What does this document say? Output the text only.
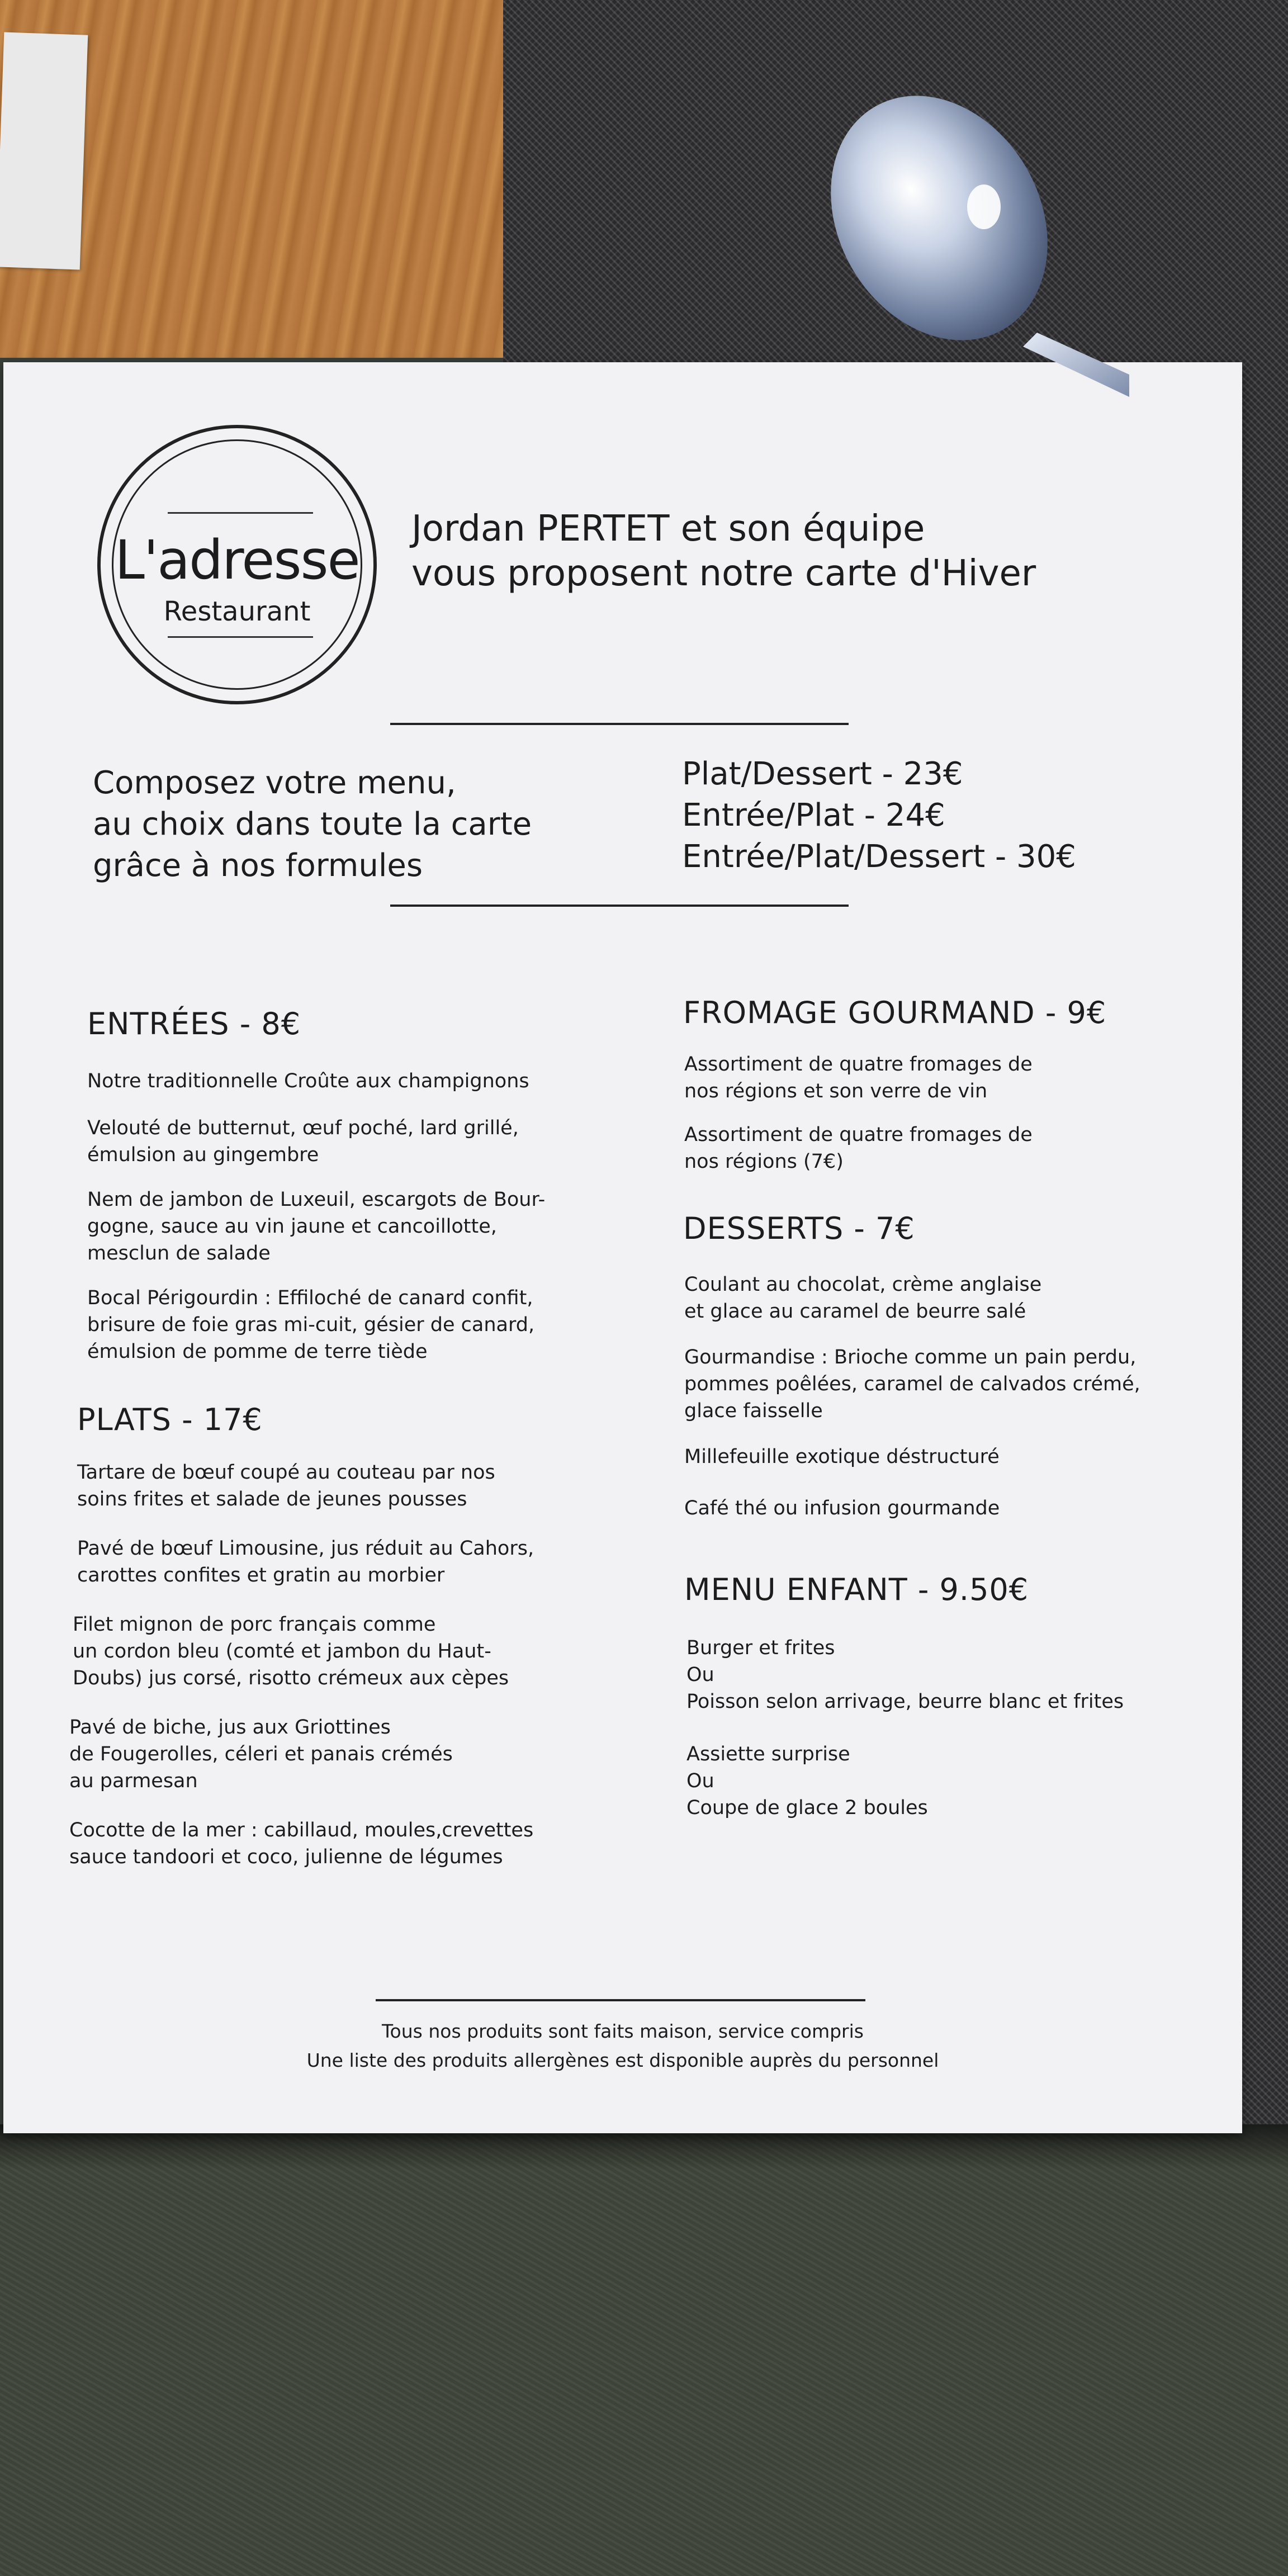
L'adresse
Restaurant
Jordan PERTET et son équipe
vous proposent notre carte d'Hiver
Composez votre menu,
au choix dans toute la carte
grâce à nos formules
Plat/Dessert - 23€
Entrée/Plat - 24€
Entrée/Plat/Dessert - 30€
ENTRÉES - 8€
Notre traditionnelle Croûte aux champignons
Velouté de butternut, œuf poché, lard grillé,
émulsion au gingembre
Nem de jambon de Luxeuil, escargots de Bour-
gogne, sauce au vin jaune et cancoillotte,
mesclun de salade
Bocal Périgourdin : Effiloché de canard confit,
brisure de foie gras mi-cuit, gésier de canard,
émulsion de pomme de terre tiède
PLATS - 17€
Tartare de bœuf coupé au couteau par nos
soins frites et salade de jeunes pousses
Pavé de bœuf Limousine, jus réduit au Cahors,
carottes confites et gratin au morbier
Filet mignon de porc français comme
un cordon bleu (comté et jambon du Haut-
Doubs) jus corsé, risotto crémeux aux cèpes
Pavé de biche, jus aux Griottines
de Fougerolles, céleri et panais crémés
au parmesan
Cocotte de la mer : cabillaud, moules,crevettes
sauce tandoori et coco, julienne de légumes
FROMAGE GOURMAND - 9€
Assortiment de quatre fromages de
nos régions et son verre de vin
Assortiment de quatre fromages de
nos régions (7€)
DESSERTS - 7€
Coulant au chocolat, crème anglaise
et glace au caramel de beurre salé
Gourmandise : Brioche comme un pain perdu,
pommes poêlées, caramel de calvados crémé,
glace faisselle
Millefeuille exotique déstructuré
Café thé ou infusion gourmande
MENU ENFANT - 9.50€
Burger et frites
Ou
Poisson selon arrivage, beurre blanc et frites
Assiette surprise
Ou
Coupe de glace 2 boules
Tous nos produits sont faits maison, service compris
Une liste des produits allergènes est disponible auprès du personnel
